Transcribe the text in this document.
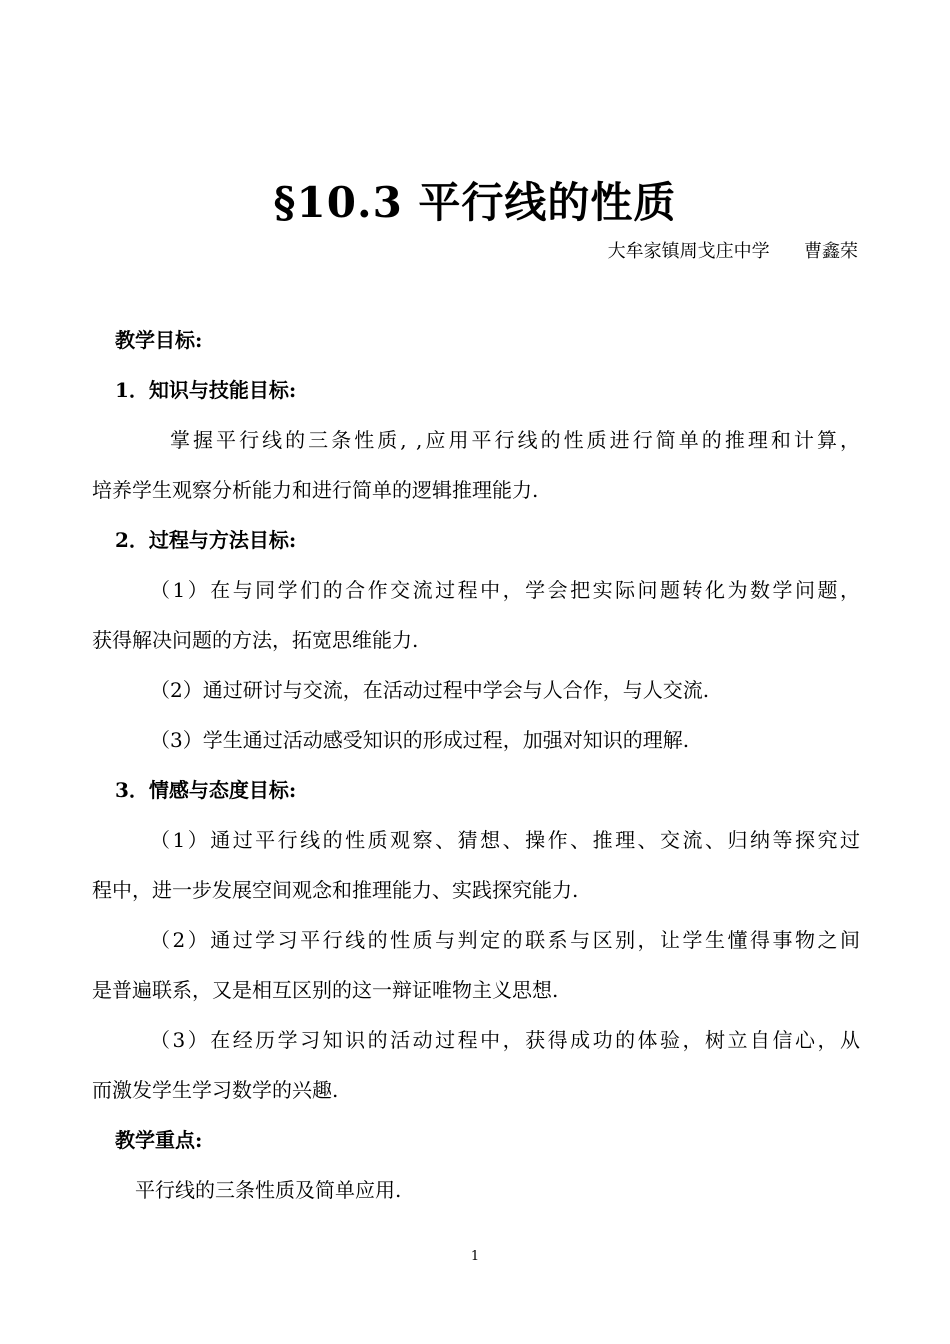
§10.3 平行线的性质
大牟家镇周戈庄中学      曹鑫荣
教学目标:
1．知识与技能目标:
掌握平行线的三条性质, ,应用平行线的性质进行简单的推理和计算，
培养学生观察分析能力和进行简单的逻辑推理能力.
2．过程与方法目标:
（1）在与同学们的合作交流过程中，学会把实际问题转化为数学问题，
获得解决问题的方法，拓宽思维能力.
（2）通过研讨与交流，在活动过程中学会与人合作，与人交流.
（3）学生通过活动感受知识的形成过程，加强对知识的理解.
3．情感与态度目标:
（1）通过平行线的性质观察、猜想、操作、推理、交流、归纳等探究过
程中，进一步发展空间观念和推理能力、实践探究能力.
（2）通过学习平行线的性质与判定的联系与区别，让学生懂得事物之间
是普遍联系，又是相互区别的这一辩证唯物主义思想.
（3）在经历学习知识的活动过程中，获得成功的体验，树立自信心，从
而激发学生学习数学的兴趣.
教学重点:
平行线的三条性质及简单应用.
1
